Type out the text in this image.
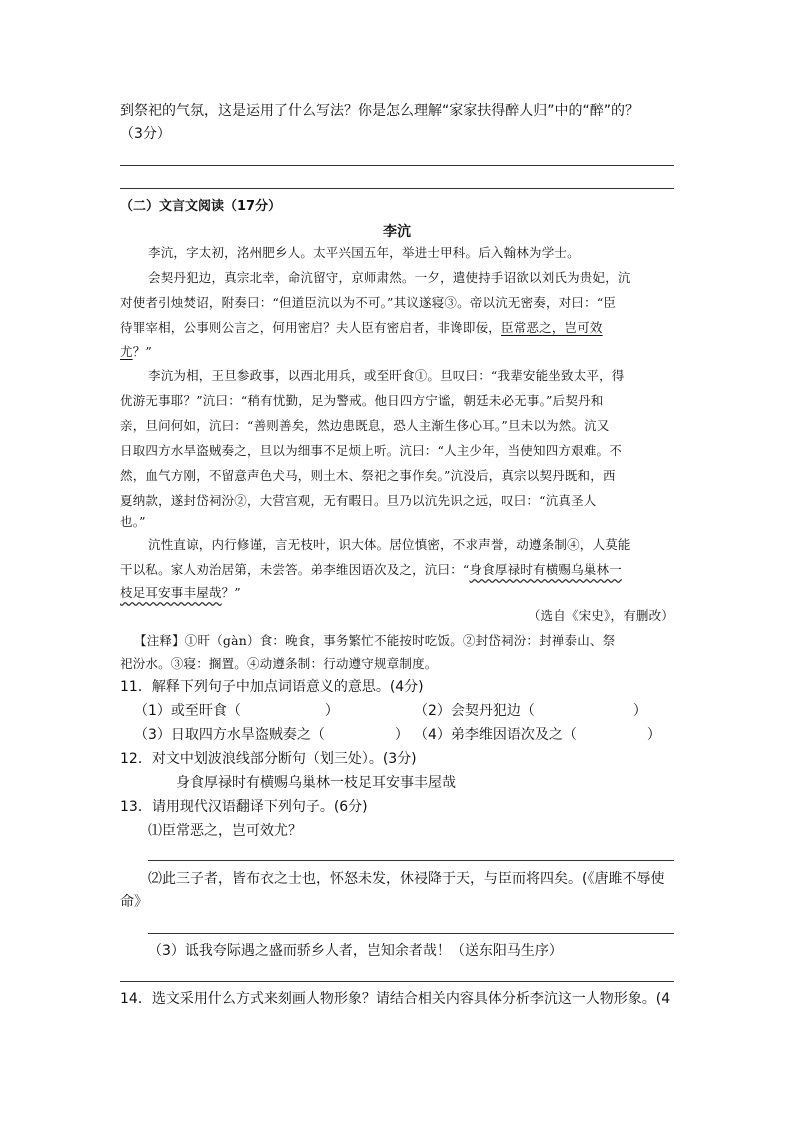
到祭祀的气氛，这是运用了什么写法？你是怎么理解“家家扶得醉人归”中的“醉”的？
（3分）
（二）文言文阅读（17分）
李沆
李沆，字太初，洺州肥乡人。太平兴国五年，举进士甲科。后入翰林为学士。
会契丹犯边，真宗北幸，命沆留守，京师肃然。一夕，遣使持手诏欲以刘氏为贵妃，沆
对使者引烛焚诏，附奏曰：“但道臣沆以为不可。”其议遂寝③。帝以沆无密奏，对曰：“臣
待罪宰相，公事则公言之，何用密启？夫人臣有密启者，非谗即佞，臣常恶之，岂可效
尤？”
李沆为相，王旦参政事，以西北用兵，或至旰食①。旦叹曰：“我辈安能坐致太平，得
优游无事耶？”沆曰：“稍有忧勤，足为警戒。他日四方宁谧，朝廷未必无事。”后契丹和
亲，旦问何如，沆曰：“善则善矣，然边患既息，恐人主渐生侈心耳。”旦未以为然。沆又
日取四方水旱盗贼奏之，旦以为细事不足烦上听。沆曰：“人主少年，当使知四方艰难。不
然，血气方刚，不留意声色犬马，则土木、祭祀之事作矣。”沆没后，真宗以契丹既和，西
夏纳款，遂封岱祠汾②，大营宫观，无有暇日。旦乃以沆先识之远，叹曰：“沆真圣人
也。”
沆性直谅，内行修谨，言无枝叶，识大体。居位慎密，不求声誉，动遵条制④，人莫能
干以私。家人劝治居第，未尝答。弟李维因语次及之，沆曰：“身食厚禄时有横赐乌巢林一
枝足耳安事丰屋哉？”
（选自《宋史》，有删改）
【注释】①旰（gàn）食：晚食，事务繁忙不能按时吃饭。②封岱祠汾：封禅泰山、祭
祀汾水。③寝：搁置。④动遵条制：行动遵守规章制度。
11．解释下列句子中加点词语意义的意思。(4分)
（1）或至旰食（　　　　　　）	（2）会契丹犯边（　　　　　　　）
（3）日取四方水旱盗贼奏之（　　　　　） （4）弟李维因语次及之（　　　　　）
12．对文中划波浪线部分断句（划三处）。(3分)
身食厚禄时有横赐乌巢林一枝足耳安事丰屋哉
13．请用现代汉语翻译下列句子。(6分)
⑴臣常恶之，岂可效尤？
⑵此三子者，皆布衣之士也，怀怒未发，休祲降于天，与臣而将四矣。(《唐雎不辱使
命》
（3）诋我夸际遇之盛而骄乡人者，岂知余者哉！（送东阳马生序）
14．选文采用什么方式来刻画人物形象？请结合相关内容具体分析李沆这一人物形象。(4
